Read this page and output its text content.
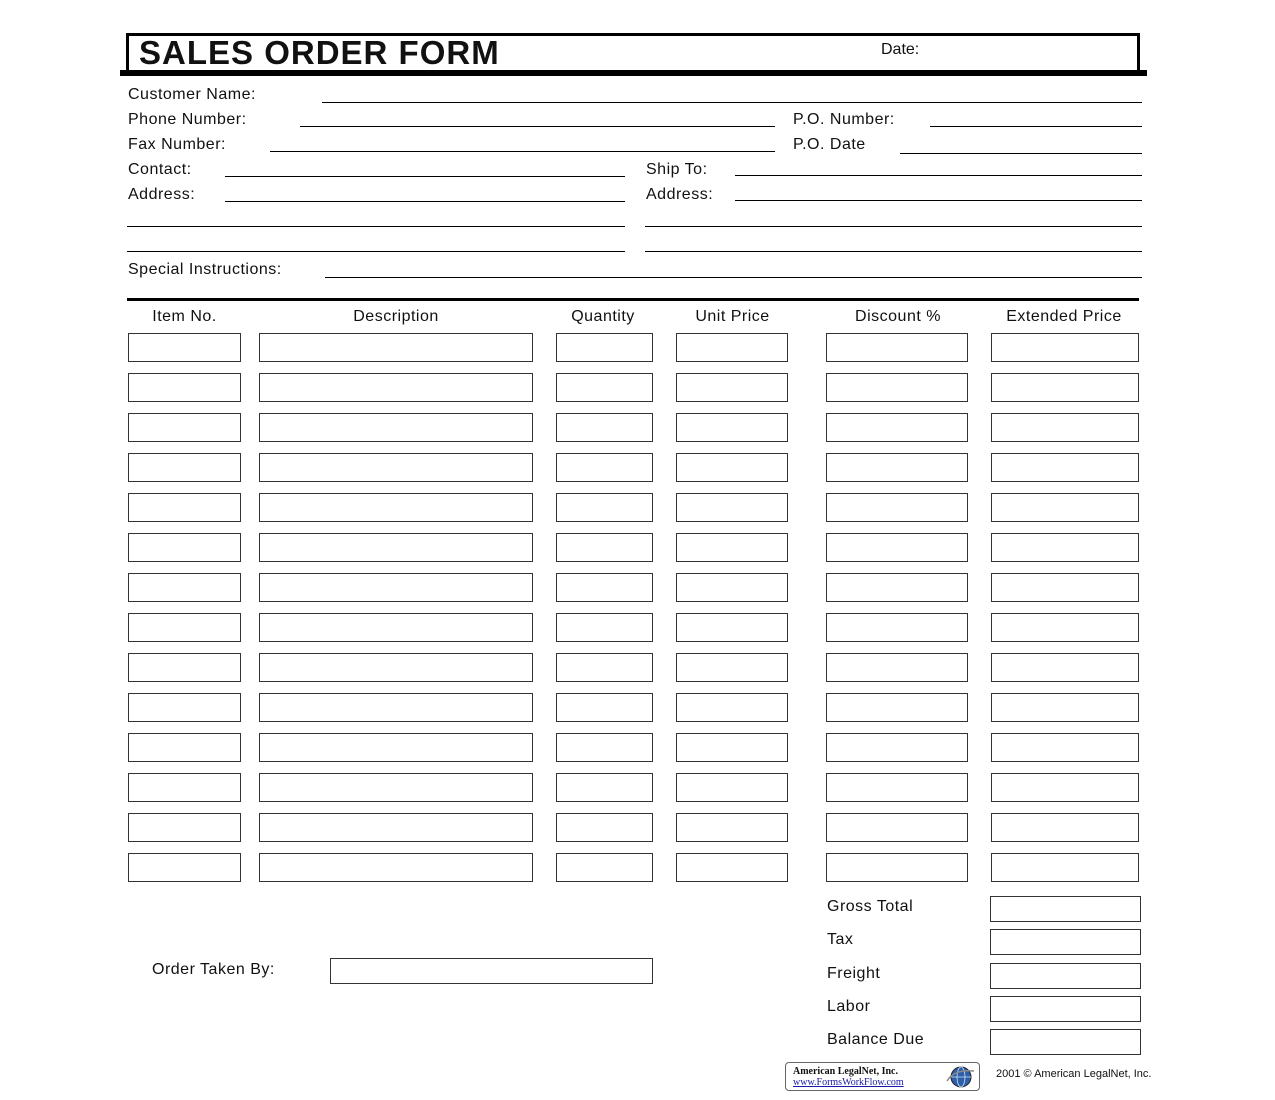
SALES ORDER FORM	Date:
Customer Name:
Phone Number:	P.O. Number:
Fax Number:	P.O. Date
Contact:	Ship To:
Address:	Address:
Special Instructions:
Item No.	Description	Quantity	Unit Price	Discount %	Extended Price
Gross Total
Tax
Freight
Labor
Balance Due
Order Taken By:
American LegalNet, Inc.
www.FormsWorkFlow.com
2001 © American LegalNet, Inc.
